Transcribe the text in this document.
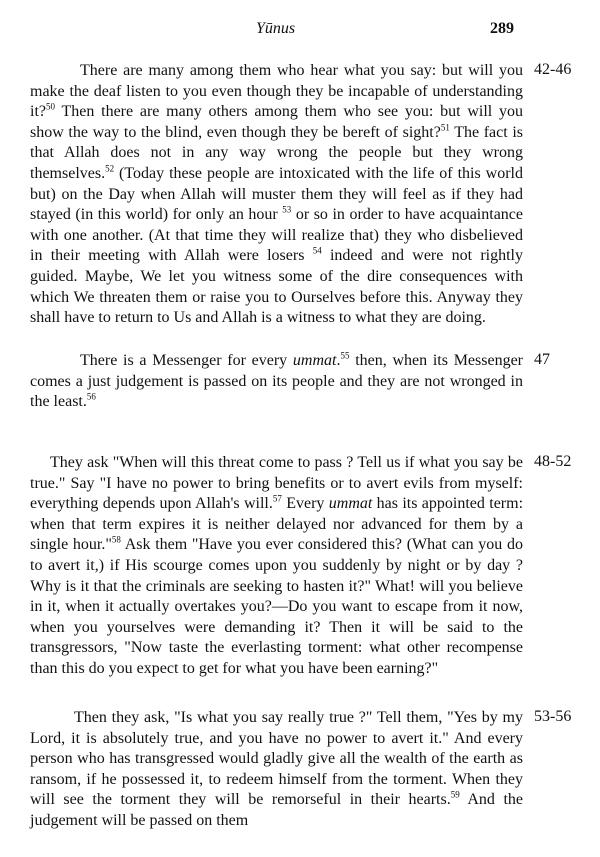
Yūnus	289
There are many among them who hear what you say: but will you make the deaf listen to you even though they be incapable of understanding it?$^{50}$ Then there are many others among them who see you: but will you show the way to the blind, even though they be bereft of sight?$^{51}$ The fact is that Allah does not in any way wrong the people but they wrong themselves.$^{52}$ (Today these people are intoxicated with the life of this world but) on the Day when Allah will muster them they will feel as if they had stayed (in this world) for only an hour $^{53}$ or so in order to have acquaintance with one another. (At that time they will realize that) they who disbelieved in their meeting with Allah were losers $^{54}$ indeed and were not rightly guided. Maybe, We let you witness some of the dire consequences with which We threaten them or raise you to Ourselves before this. Anyway they shall have to return to Us and Allah is a witness to what they are doing.
42-46
There is a Messenger for every ummat.$^{55}$ then, when its Messenger comes a just judgement is passed on its people and they are not wronged in the least.$^{56}$
47
They ask "When will this threat come to pass ? Tell us if what you say be true." Say "I have no power to bring benefits or to avert evils from myself: everything depends upon Allah's will.$^{57}$ Every ummat has its appointed term: when that term expires it is neither delayed nor advanced for them by a single hour."$^{58}$ Ask them "Have you ever considered this? (What can you do to avert it,) if His scourge comes upon you suddenly by night or by day ? Why is it that the criminals are seeking to hasten it?" What! will you believe in it, when it actually overtakes you?—Do you want to escape from it now, when you yourselves were demanding it? Then it will be said to the transgressors, "Now taste the everlasting torment: what other recompense than this do you expect to get for what you have been earning?"
48-52
Then they ask, "Is what you say really true ?" Tell them, "Yes by my Lord, it is absolutely true, and you have no power to avert it." And every person who has transgressed would gladly give all the wealth of the earth as ransom, if he possessed it, to redeem himself from the torment. When they will see the torment they will be remorseful in their hearts.$^{59}$ And the judgement will be passed on them
53-56
